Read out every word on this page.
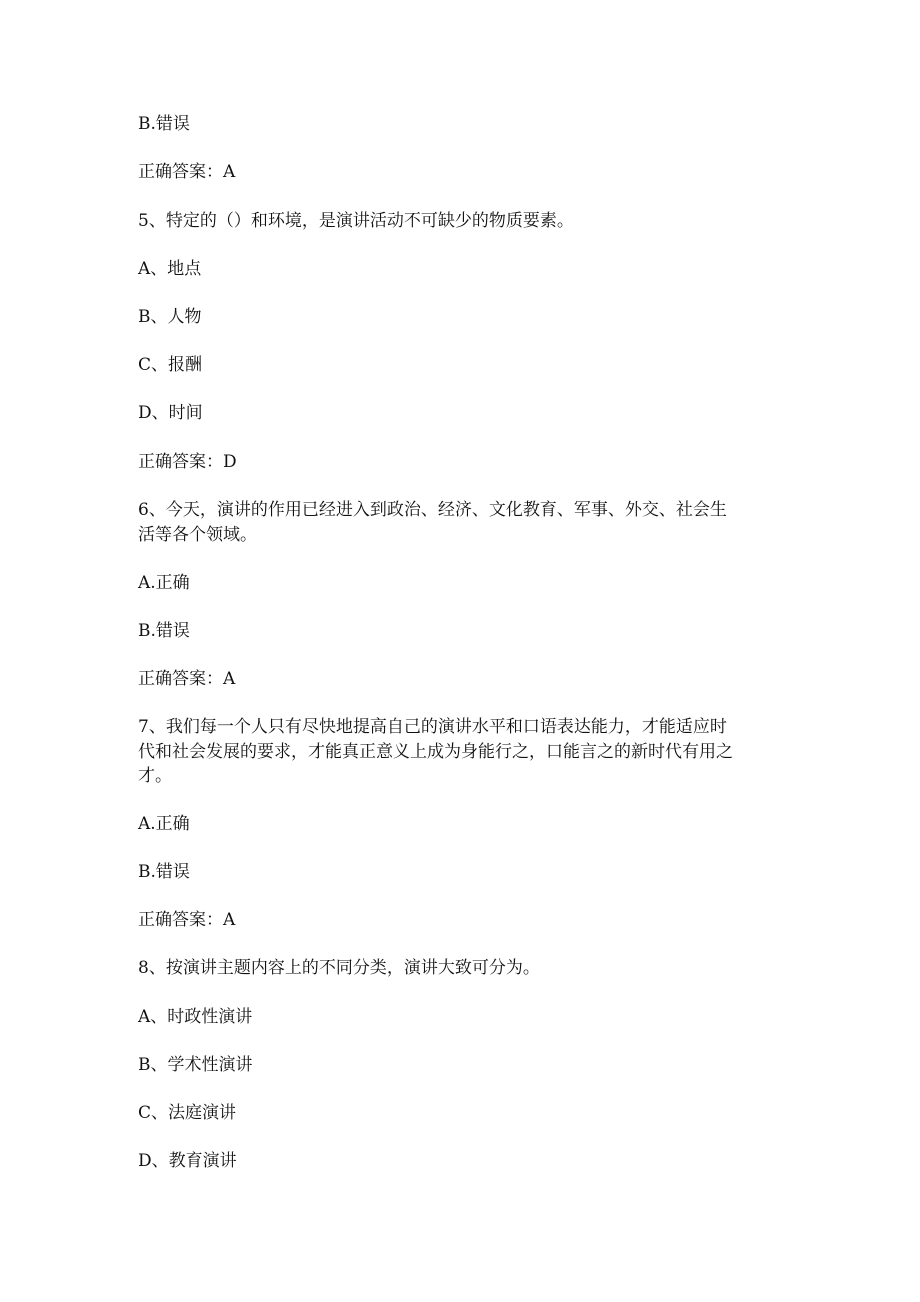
B.错误
正确答案：A
5、特定的（）和环境，是演讲活动不可缺少的物质要素。
A、地点
B、人物
C、报酬
D、时间
正确答案：D
6、今天，演讲的作用已经进入到政治、经济、文化教育、军事、外交、社会生
活等各个领域。
A.正确
B.错误
正确答案：A
7、我们每一个人只有尽快地提高自己的演讲水平和口语表达能力，才能适应时
代和社会发展的要求，才能真正意义上成为身能行之，口能言之的新时代有用之
才。
A.正确
B.错误
正确答案：A
8、按演讲主题内容上的不同分类，演讲大致可分为。
A、时政性演讲
B、学术性演讲
C、法庭演讲
D、教育演讲
